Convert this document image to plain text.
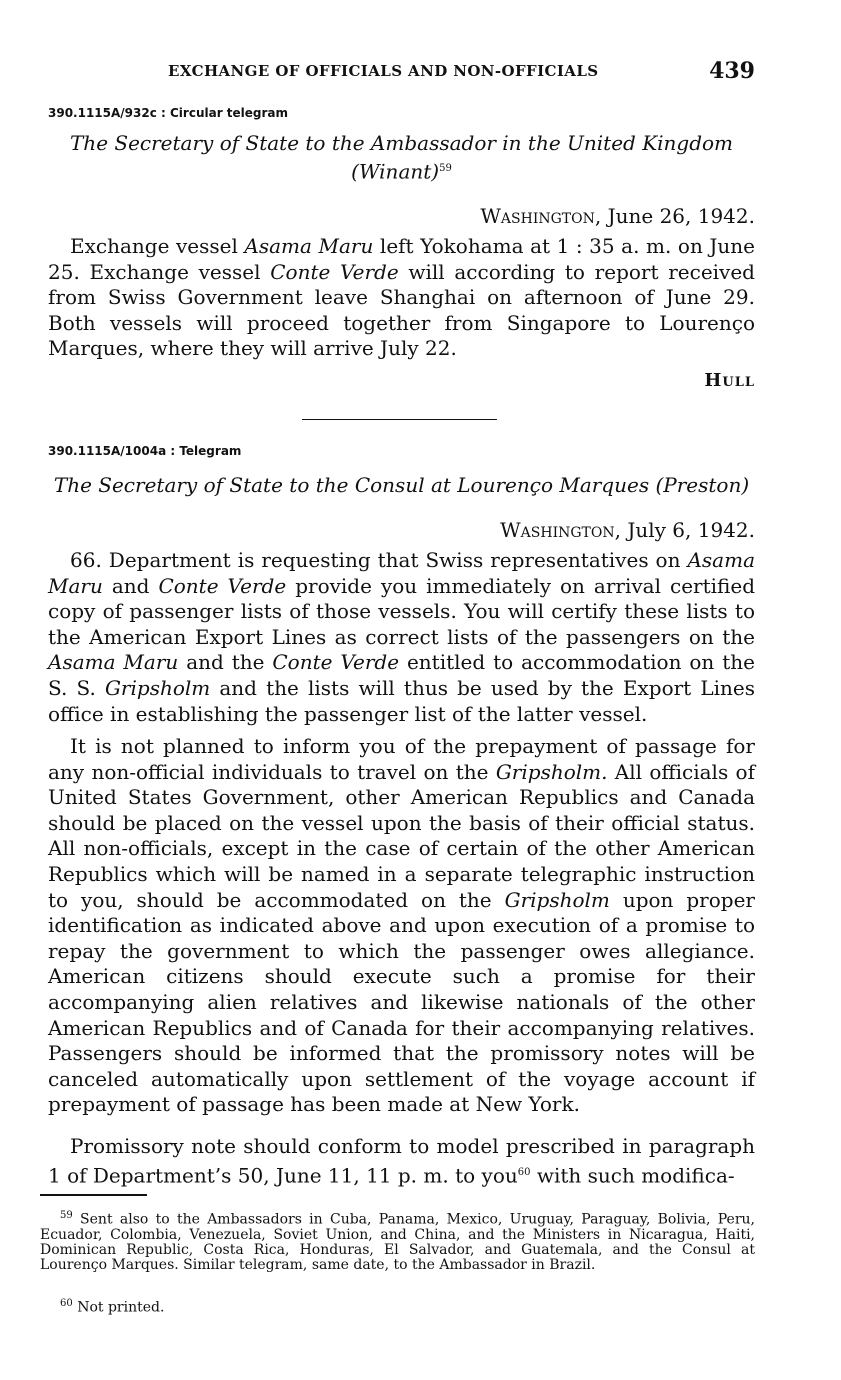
EXCHANGE OF OFFICIALS AND NON-OFFICIALS	439
390.1115A/932c : Circular telegram
The Secretary of State to the Ambassador in the United Kingdom
(Winant)$^{59}$
Washington, June 26, 1942.
Exchange vessel Asama Maru left Yokohama at 1 : 35 a. m. on June 25. Exchange vessel Conte Verde will according to report received from Swiss Government leave Shanghai on afternoon of June 29. Both vessels will proceed together from Singapore to Lourenço Marques, where they will arrive July 22.
Hull
390.1115A/1004a : Telegram
The Secretary of State to the Consul at Lourenço Marques (Preston)
Washington, July 6, 1942.
66. Department is requesting that Swiss representatives on Asama Maru and Conte Verde provide you immediately on arrival certified copy of passenger lists of those vessels. You will certify these lists to the American Export Lines as correct lists of the passengers on the Asama Maru and the Conte Verde entitled to accommodation on the S. S. Gripsholm and the lists will thus be used by the Export Lines office in establishing the passenger list of the latter vessel.
It is not planned to inform you of the prepayment of passage for any non-official individuals to travel on the Gripsholm. All officials of United States Government, other American Republics and Canada should be placed on the vessel upon the basis of their official status. All non-officials, except in the case of certain of the other American Republics which will be named in a separate telegraphic instruction to you, should be accommodated on the Gripsholm upon proper identification as indicated above and upon execution of a promise to repay the government to which the passenger owes allegiance. American citizens should execute such a promise for their accompanying alien relatives and likewise nationals of the other American Republics and of Canada for their accompanying relatives. Passengers should be informed that the promissory notes will be canceled automatically upon settlement of the voyage account if prepayment of passage has been made at New York.
Promissory note should conform to model prescribed in paragraph 1 of Department’s 50, June 11, 11 p. m. to you$^{60}$ with such modifica-
$^{59}$ Sent also to the Ambassadors in Cuba, Panama, Mexico, Uruguay, Paraguay, Bolivia, Peru, Ecuador, Colombia, Venezuela, Soviet Union, and China, and the Ministers in Nicaragua, Haiti, Dominican Republic, Costa Rica, Honduras, El Salvador, and Guatemala, and the Consul at Lourenço Marques. Similar telegram, same date, to the Ambassador in Brazil.
$^{60}$ Not printed.
